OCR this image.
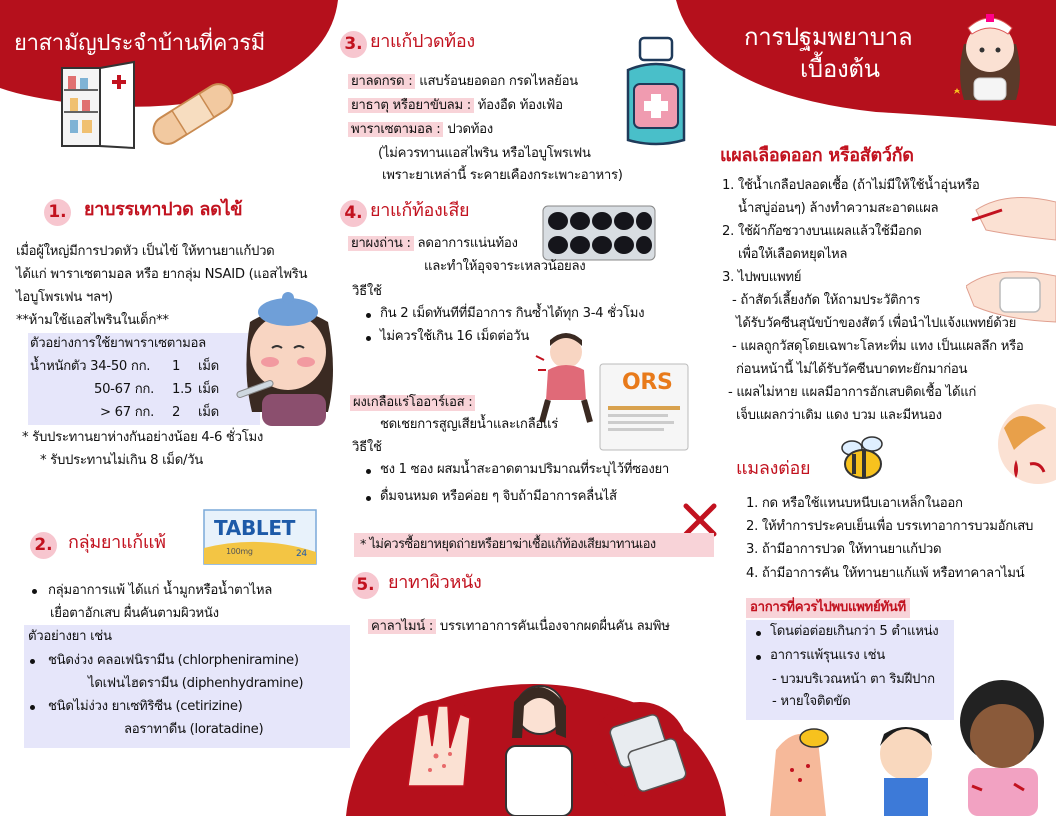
ยาสามัญประจำบ้านที่ควรมี	การปฐมพยาบาล
เบื้องต้น
1. ยาบรรเทาปวด ลดไข้
เมื่อผู้ใหญ่มีการปวดหัว เป็นไข้ ให้ทานยาแก้ปวด
ได้แก่ พาราเซตามอล หรือ ยากลุ่ม NSAID (แอสไพริน
ไอบูโพรเฟน ฯลฯ)
**ห้ามใช้แอสไพรินในเด็ก**
ตัวอย่างการใช้ยาพาราเซตามอล
น้ำหนักตัว 34-50 กก. 1 เม็ด
50-67 กก. 1.5 เม็ด
> 67 กก. 2 เม็ด
* รับประทานยาห่างกันอย่างน้อย 4-6 ชั่วโมง
* รับประทานไม่เกิน 8 เม็ด/วัน
TABLET
100mg	24
2. กลุ่มยาแก้แพ้
กลุ่มอาการแพ้ ได้แก่ น้ำมูกหรือน้ำตาไหล
เยื่อตาอักเสบ ผื่นคันตามผิวหนัง
ตัวอย่างยา เช่น
ชนิดง่วง คลอเฟนิรามีน (chlorpheniramine)
ไดเฟนไฮดรามีน (diphenhydramine)
ชนิดไม่ง่วง ยาเซทิริซีน (cetirizine)
ลอราทาดีน (loratadine)
3. ยาแก้ปวดท้อง
ยาลดกรด : แสบร้อนยอดอก กรดไหลย้อน
ยาธาตุ หรือยาขับลม : ท้องอืด ท้องเฟ้อ
พาราเซตามอล : ปวดท้อง
(ไม่ควรทานแอสไพริน หรือไอบูโพรเฟน
เพราะยาเหล่านี้ ระคายเคืองกระเพาะอาหาร)
4. ยาแก้ท้องเสีย
ยาผงถ่าน : ลดอาการแน่นท้อง
และทำให้อุจจาระเหลวน้อยลง
วิธีใช้
กิน 2 เม็ดทันทีที่มีอาการ กินซ้ำได้ทุก 3-4 ชั่วโมง
ไม่ควรใช้เกิน 16 เม็ดต่อวัน
ORS
ผงเกลือแร่โออาร์เอส :
ชดเชยการสูญเสียน้ำและเกลือแร่
วิธีใช้
ชง 1 ซอง ผสมน้ำสะอาดตามปริมาณที่ระบุไว้ที่ซองยา
ดื่มจนหมด หรือค่อย ๆ จิบถ้ามีอาการคลื่นไส้
* ไม่ควรซื้อยาหยุดถ่ายหรือยาฆ่าเชื้อแก้ท้องเสียมาทานเอง
5. ยาทาผิวหนัง
คาลาไมน์ : บรรเทาอาการคันเนื่องจากผดผื่นคัน ลมพิษ
แผลเลือดออก หรือสัตว์กัด
1. ใช้น้ำเกลือปลอดเชื้อ (ถ้าไม่มีให้ใช้น้ำอุ่นหรือ
น้ำสบู่อ่อนๆ) ล้างทำความสะอาดแผล
2. ใช้ผ้าก๊อซวางบนแผลแล้วใช้มือกด
เพื่อให้เลือดหยุดไหล
3. ไปพบแพทย์
- ถ้าสัตว์เลี้ยงกัด ให้ถามประวัติการ
ได้รับวัคซีนสุนัขบ้าของสัตว์ เพื่อนำไปแจ้งแพทย์ด้วย
- แผลถูกวัสดุโดยเฉพาะโลหะทิ่ม แทง เป็นแผลลึก หรือ
ก่อนหน้านี้ ไม่ได้รับวัคซีนบาดทะยักมาก่อน
- แผลไม่หาย แผลมีอาการอักเสบติดเชื้อ ได้แก่
เจ็บแผลกว่าเดิม แดง บวม และมีหนอง
แมลงต่อย
1. กด หรือใช้แหนบหนีบเอาเหล็กในออก
2. ให้ทำการประคบเย็นเพื่อ บรรเทาอาการบวมอักเสบ
3. ถ้ามีอาการปวด ให้ทานยาแก้ปวด
4. ถ้ามีอาการคัน ให้ทานยาแก้แพ้ หรือทาคาลาไมน์
อาการที่ควรไปพบแพทย์ทันที
โดนต่อต่อยเกินกว่า 5 ตำแหน่ง
อาการแพ้รุนแรง เช่น
- บวมบริเวณหน้า ตา ริมฝีปาก
- หายใจติดขัด
